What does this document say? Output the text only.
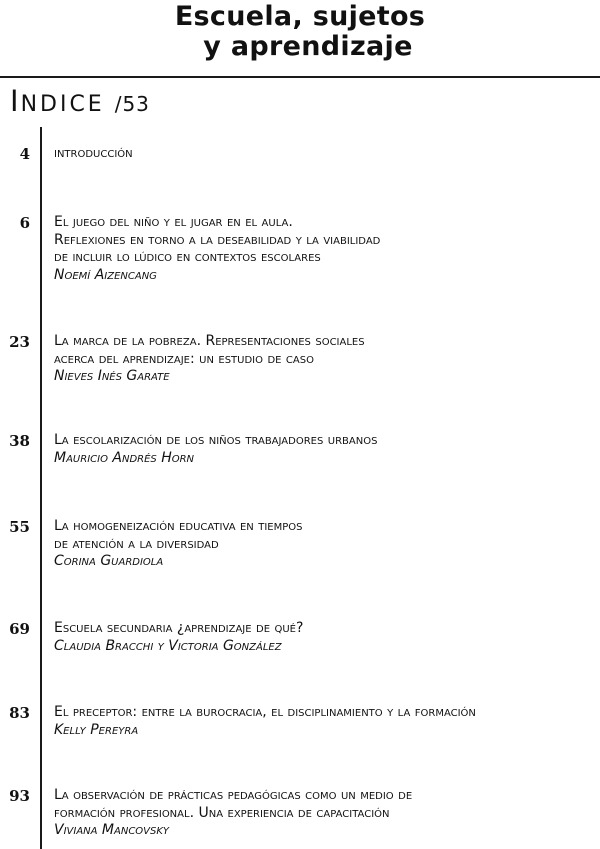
Escuela, sujetos
y aprendizaje
INDICE /53
4 introducción
6 El juego del niño y el jugar en el aula.
Reflexiones en torno a la deseabilidad y la viabilidad
de incluir lo lúdico en contextos escolares
Noemí Aizencang
23 La marca de la pobreza. Representaciones sociales
acerca del aprendizaje: un estudio de caso
Nieves Inés Garate
38 La escolarización de los niños trabajadores urbanos
Mauricio Andrés Horn
55 La homogeneización educativa en tiempos
de atención a la diversidad
Corina Guardiola
69 Escuela secundaria ¿aprendizaje de qué?
Claudia Bracchi y Victoria González
83 El preceptor: entre la burocracia, el disciplinamiento y la formación
Kelly Pereyra
93 La observación de prácticas pedagógicas como un medio de
formación profesional. Una experiencia de capacitación
Viviana Mancovsky
